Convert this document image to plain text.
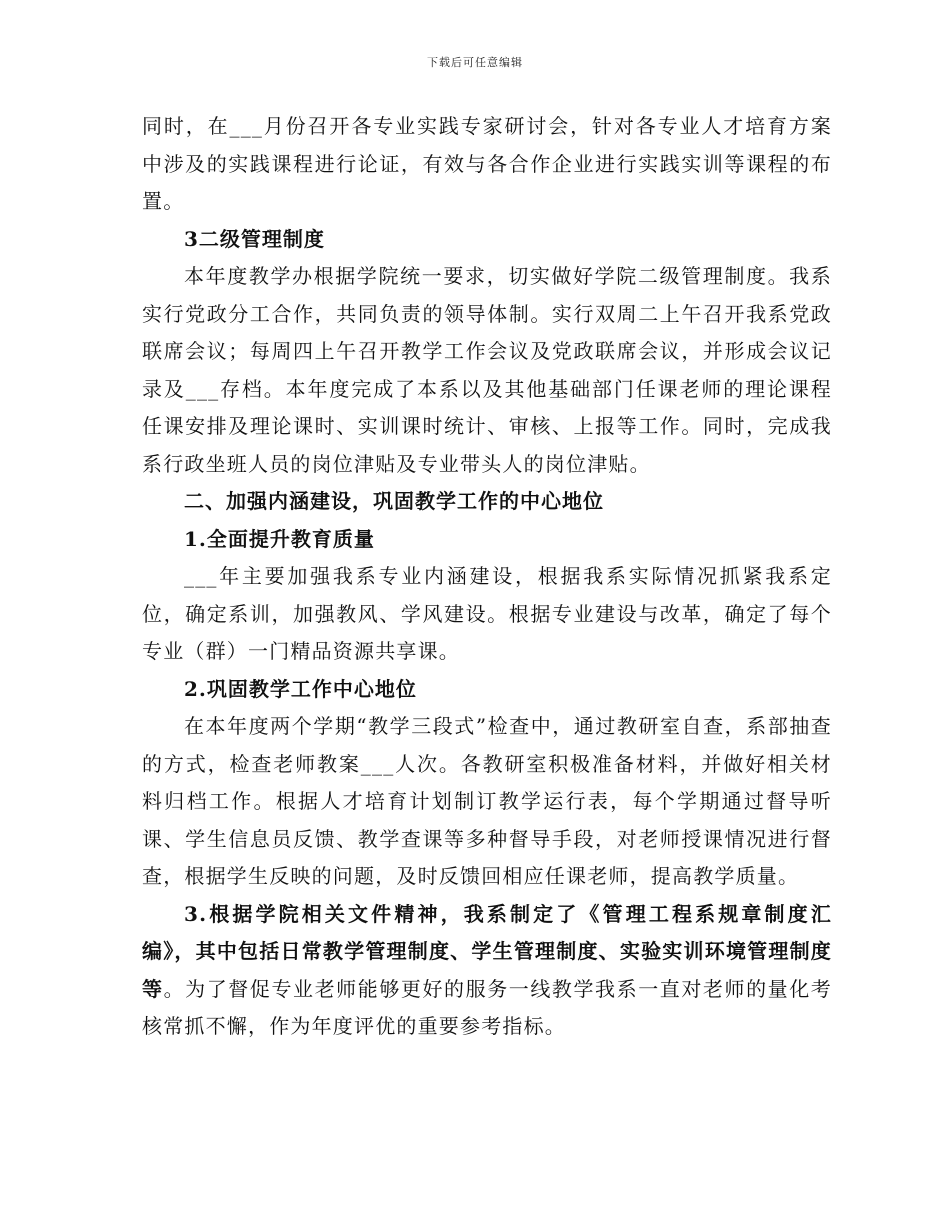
下载后可任意编辑

同时，在___月份召开各专业实践专家研讨会，针对各专业人才培育方案中涉及的实践课程进行论证，有效与各合作企业进行实践实训等课程的布置。

3二级管理制度

本年度教学办根据学院统一要求，切实做好学院二级管理制度。我系实行党政分工合作，共同负责的领导体制。实行双周二上午召开我系党政联席会议；每周四上午召开教学工作会议及党政联席会议，并形成会议记录及___存档。本年度完成了本系以及其他基础部门任课老师的理论课程任课安排及理论课时、实训课时统计、审核、上报等工作。同时，完成我系行政坐班人员的岗位津贴及专业带头人的岗位津贴。

二、加强内涵建设，巩固教学工作的中心地位

1.全面提升教育质量

___年主要加强我系专业内涵建设，根据我系实际情况抓紧我系定位，确定系训，加强教风、学风建设。根据专业建设与改革，确定了每个专业（群）一门精品资源共享课。

2.巩固教学工作中心地位

在本年度两个学期“教学三段式”检查中，通过教研室自查，系部抽查的方式，检查老师教案___人次。各教研室积极准备材料，并做好相关材料归档工作。根据人才培育计划制订教学运行表，每个学期通过督导听课、学生信息员反馈、教学查课等多种督导手段，对老师授课情况进行督查，根据学生反映的问题，及时反馈回相应任课老师，提高教学质量。

3.根据学院相关文件精神，我系制定了《管理工程系规章制度汇编》，其中包括日常教学管理制度、学生管理制度、实验实训环境管理制度等。为了督促专业老师能够更好的服务一线教学我系一直对老师的量化考核常抓不懈，作为年度评优的重要参考指标。
